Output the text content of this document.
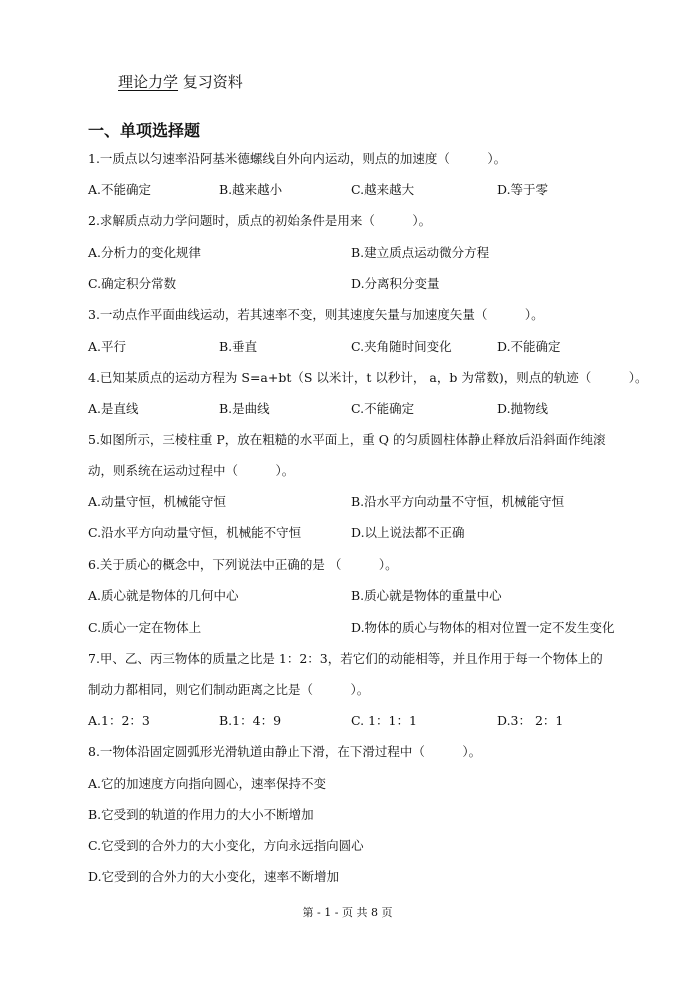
理论力学 复习资料
一、单项选择题
1.一质点以匀速率沿阿基米德螺线自外向内运动，则点的加速度（　　　）。
A.不能确定	B.越来越小	C.越来越大	D.等于零
2.求解质点动力学问题时，质点的初始条件是用来（　　　）。
A.分析力的变化规律	B.建立质点运动微分方程
C.确定积分常数	D.分离积分变量
3.一动点作平面曲线运动，若其速率不变，则其速度矢量与加速度矢量（　　　）。
A.平行	B.垂直	C.夹角随时间变化	D.不能确定
4.已知某质点的运动方程为 S=a+bt（S 以米计，t 以秒计， a，b 为常数)，则点的轨迹（　　　）。
A.是直线	B.是曲线	C.不能确定	D.抛物线
5.如图所示，三棱柱重 P，放在粗糙的水平面上，重 Q 的匀质圆柱体静止释放后沿斜面作纯滚
动，则系统在运动过程中（　　　）。
A.动量守恒，机械能守恒	B.沿水平方向动量不守恒，机械能守恒
C.沿水平方向动量守恒，机械能不守恒	D.以上说法都不正确
6.关于质心的概念中，下列说法中正确的是 （　　　）。
A.质心就是物体的几何中心	B.质心就是物体的重量中心
C.质心一定在物体上	D.物体的质心与物体的相对位置一定不发生变化
7.甲、乙、丙三物体的质量之比是 1：2：3，若它们的动能相等，并且作用于每一个物体上的
制动力都相同，则它们制动距离之比是（　　　）。
A.1：2：3	B.1：4：9	C. 1：1：1	D.3： 2：1
8.一物体沿固定圆弧形光滑轨道由静止下滑，在下滑过程中（　　　）。
A.它的加速度方向指向圆心，速率保持不变
B.它受到的轨道的作用力的大小不断增加
C.它受到的合外力的大小变化，方向永远指向圆心
D.它受到的合外力的大小变化，速率不断增加
第 - 1 - 页 共 8 页
